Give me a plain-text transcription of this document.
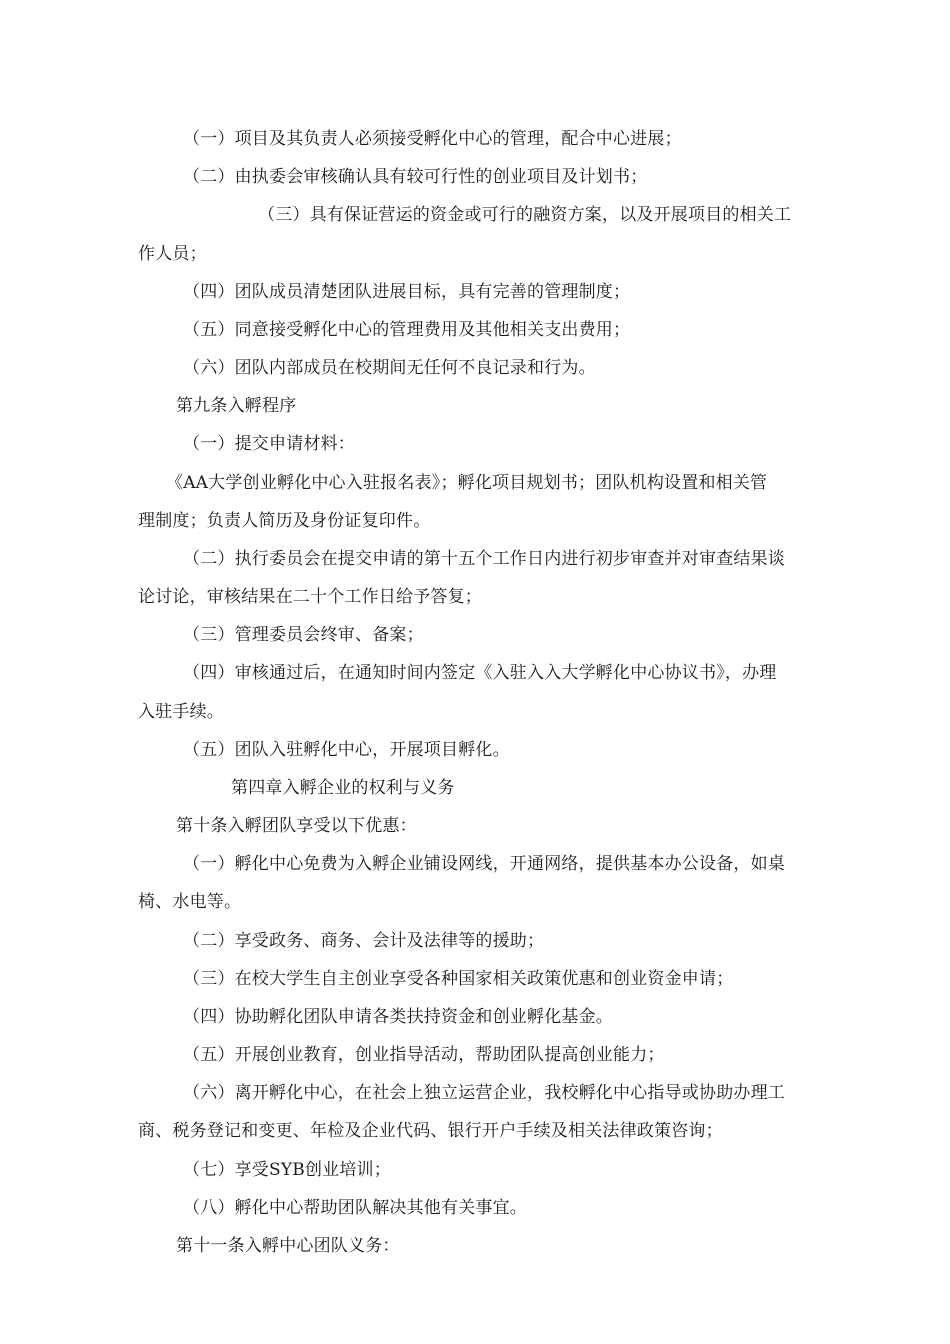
（一）项目及其负责人必须接受孵化中心的管理，配合中心进展；

（二）由执委会审核确认具有较可行性的创业项目及计划书；

（三）具有保证营运的资金或可行的融资方案，以及开展项目的相关工

作人员；

（四）团队成员清楚团队进展目标，具有完善的管理制度；

（五）同意接受孵化中心的管理费用及其他相关支出费用；

（六）团队内部成员在校期间无任何不良记录和行为。

第九条入孵程序

（一）提交申请材料：

《AA大学创业孵化中心入驻报名表》；孵化项目规划书；团队机构设置和相关管

理制度；负责人简历及身份证复印件。

（二）执行委员会在提交申请的第十五个工作日内进行初步审查并对审查结果谈

论讨论，审核结果在二十个工作日给予答复；

（三）管理委员会终审、备案；

（四）审核通过后，在通知时间内签定《入驻入入大学孵化中心协议书》，办理

入驻手续。

（五）团队入驻孵化中心，开展项目孵化。

第四章入孵企业的权利与义务

第十条入孵团队享受以下优惠：

（一）孵化中心免费为入孵企业铺设网线，开通网络，提供基本办公设备，如桌

椅、水电等。

（二）享受政务、商务、会计及法律等的援助；

（三）在校大学生自主创业享受各种国家相关政策优惠和创业资金申请；

（四）协助孵化团队申请各类扶持资金和创业孵化基金。

（五）开展创业教育，创业指导活动，帮助团队提高创业能力；

（六）离开孵化中心，在社会上独立运营企业，我校孵化中心指导或协助办理工

商、税务登记和变更、年检及企业代码、银行开户手续及相关法律政策咨询；

（七）享受SYB创业培训；

（八）孵化中心帮助团队解决其他有关事宜。

第十一条入孵中心团队义务：
